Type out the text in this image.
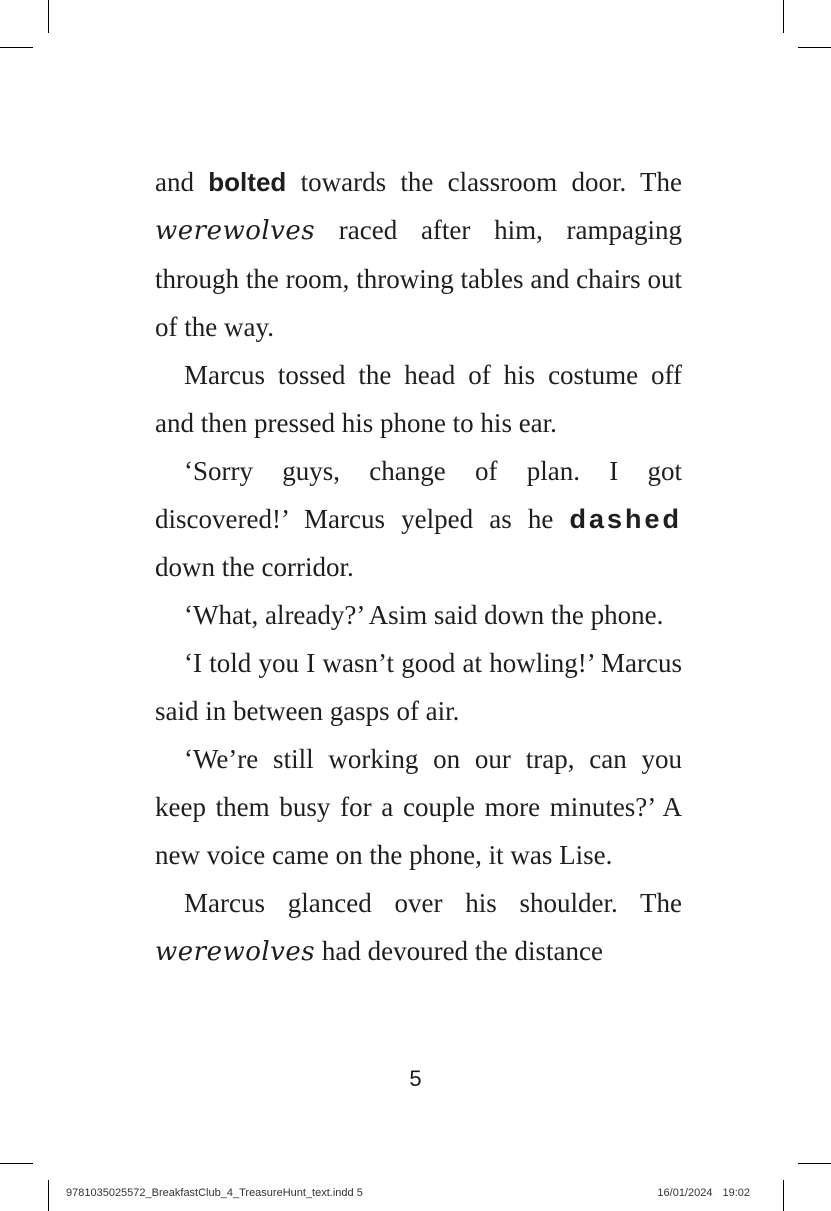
and bolted towards the classroom door. The werewolves raced after him, rampaging through the room, throwing tables and chairs out of the way.

Marcus tossed the head of his costume off and then pressed his phone to his ear.

‘Sorry guys, change of plan. I got discovered!’ Marcus yelped as he dashed down the corridor.

‘What, already?’ Asim said down the phone.

‘I told you I wasn’t good at howling!’ Marcus said in between gasps of air.

‘We’re still working on our trap, can you keep them busy for a couple more minutes?’ A new voice came on the phone, it was Lise.

Marcus glanced over his shoulder. The werewolves had devoured the distance

5
9781035025572_BreakfastClub_4_TreasureHunt_text.indd 5	16/01/2024 19:02
